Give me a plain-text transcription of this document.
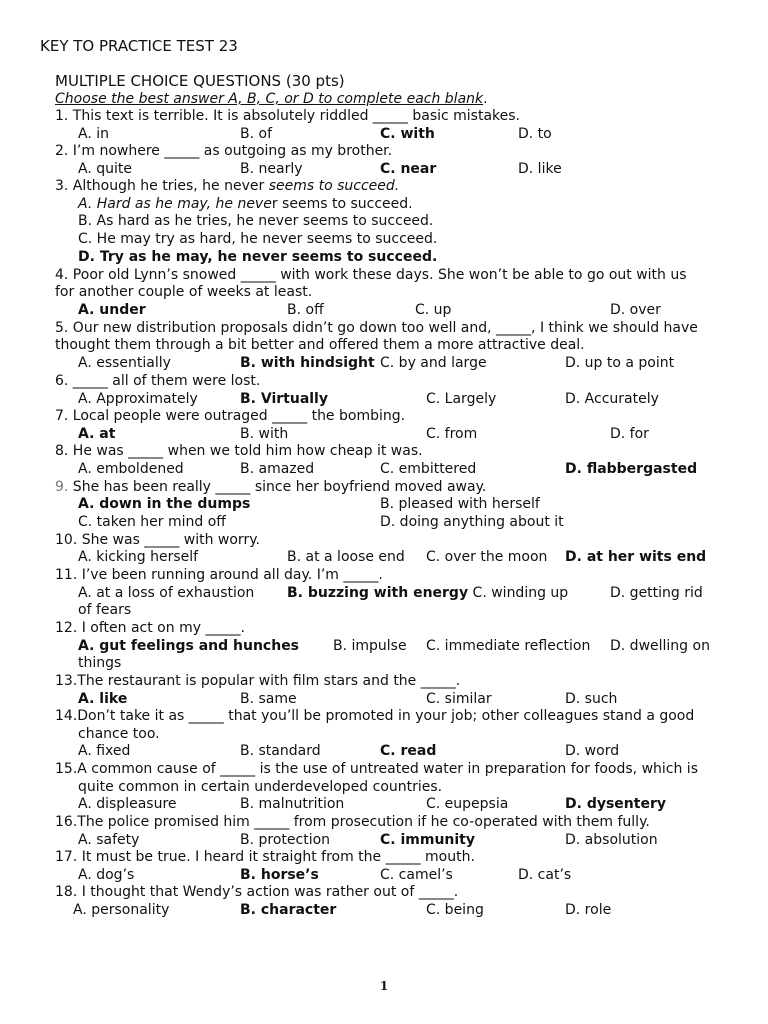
KEY TO PRACTICE TEST 23
MULTIPLE CHOICE QUESTIONS (30 pts)
Choose the best answer A, B, C, or D to complete each blank.
1. This text is terrible. It is absolutely riddled _____ basic mistakes.
A. in	B. of	C. with	D. to
2. I’m nowhere _____ as outgoing as my brother.
A. quite	B. nearly	C. near	D. like
3. Although he tries, he never seems to succeed.
A. Hard as he may, he never seems to succeed.
B. As hard as he tries, he never seems to succeed.
C. He may try as hard, he never seems to succeed.
D. Try as he may, he never seems to succeed.
4. Poor old Lynn’s snowed _____ with work these days. She won’t be able to go out with us
for another couple of weeks at least.
A. under	B. off	C. up	D. over
5. Our new distribution proposals didn’t go down too well and, _____, I think we should have
thought them through a bit better and offered them a more attractive deal.
A. essentially	B. with hindsight C. by and large	D. up to a point
6. _____ all of them were lost.
A. Approximately	B. Virtually	C. Largely	D. Accurately
7. Local people were outraged _____ the bombing.
A. at	B. with	C. from	D. for
8. He was _____ when we told him how cheap it was.
A. emboldened	B. amazed	C. embittered	D. flabbergasted
9. She has been really _____ since her boyfriend moved away.
A. down in the dumps	B. pleased with herself
C. taken her mind off	D. doing anything about it
10. She was _____ with worry.
A. kicking herself	B. at a loose end C. over the moon D. at her wits end
11. I’ve been running around all day. I’m _____.
A. at a loss of exhaustion B. buzzing with energy C. winding up	D. getting rid
of fears
12. I often act on my _____.
A. gut feelings and hunches B. impulse C. immediate reflection D. dwelling on
things
13.The restaurant is popular with film stars and the _____.
A. like	B. same	C. similar	D. such
14.Don’t take it as _____ that you’ll be promoted in your job; other colleagues stand a good
chance too.
A. fixed	B. standard	C. read	D. word
15.A common cause of _____ is the use of untreated water in preparation for foods, which is
quite common in certain underdeveloped countries.
A. displeasure	B. malnutrition	C. eupepsia	D. dysentery
16.The police promised him _____ from prosecution if he co-operated with them fully.
A. safety	B. protection	C. immunity	D. absolution
17. It must be true. I heard it straight from the _____ mouth.
A. dog’s	B. horse’s	C. camel’s	D. cat’s
18. I thought that Wendy’s action was rather out of _____.
A. personality	B. character	C. being	D. role
1
